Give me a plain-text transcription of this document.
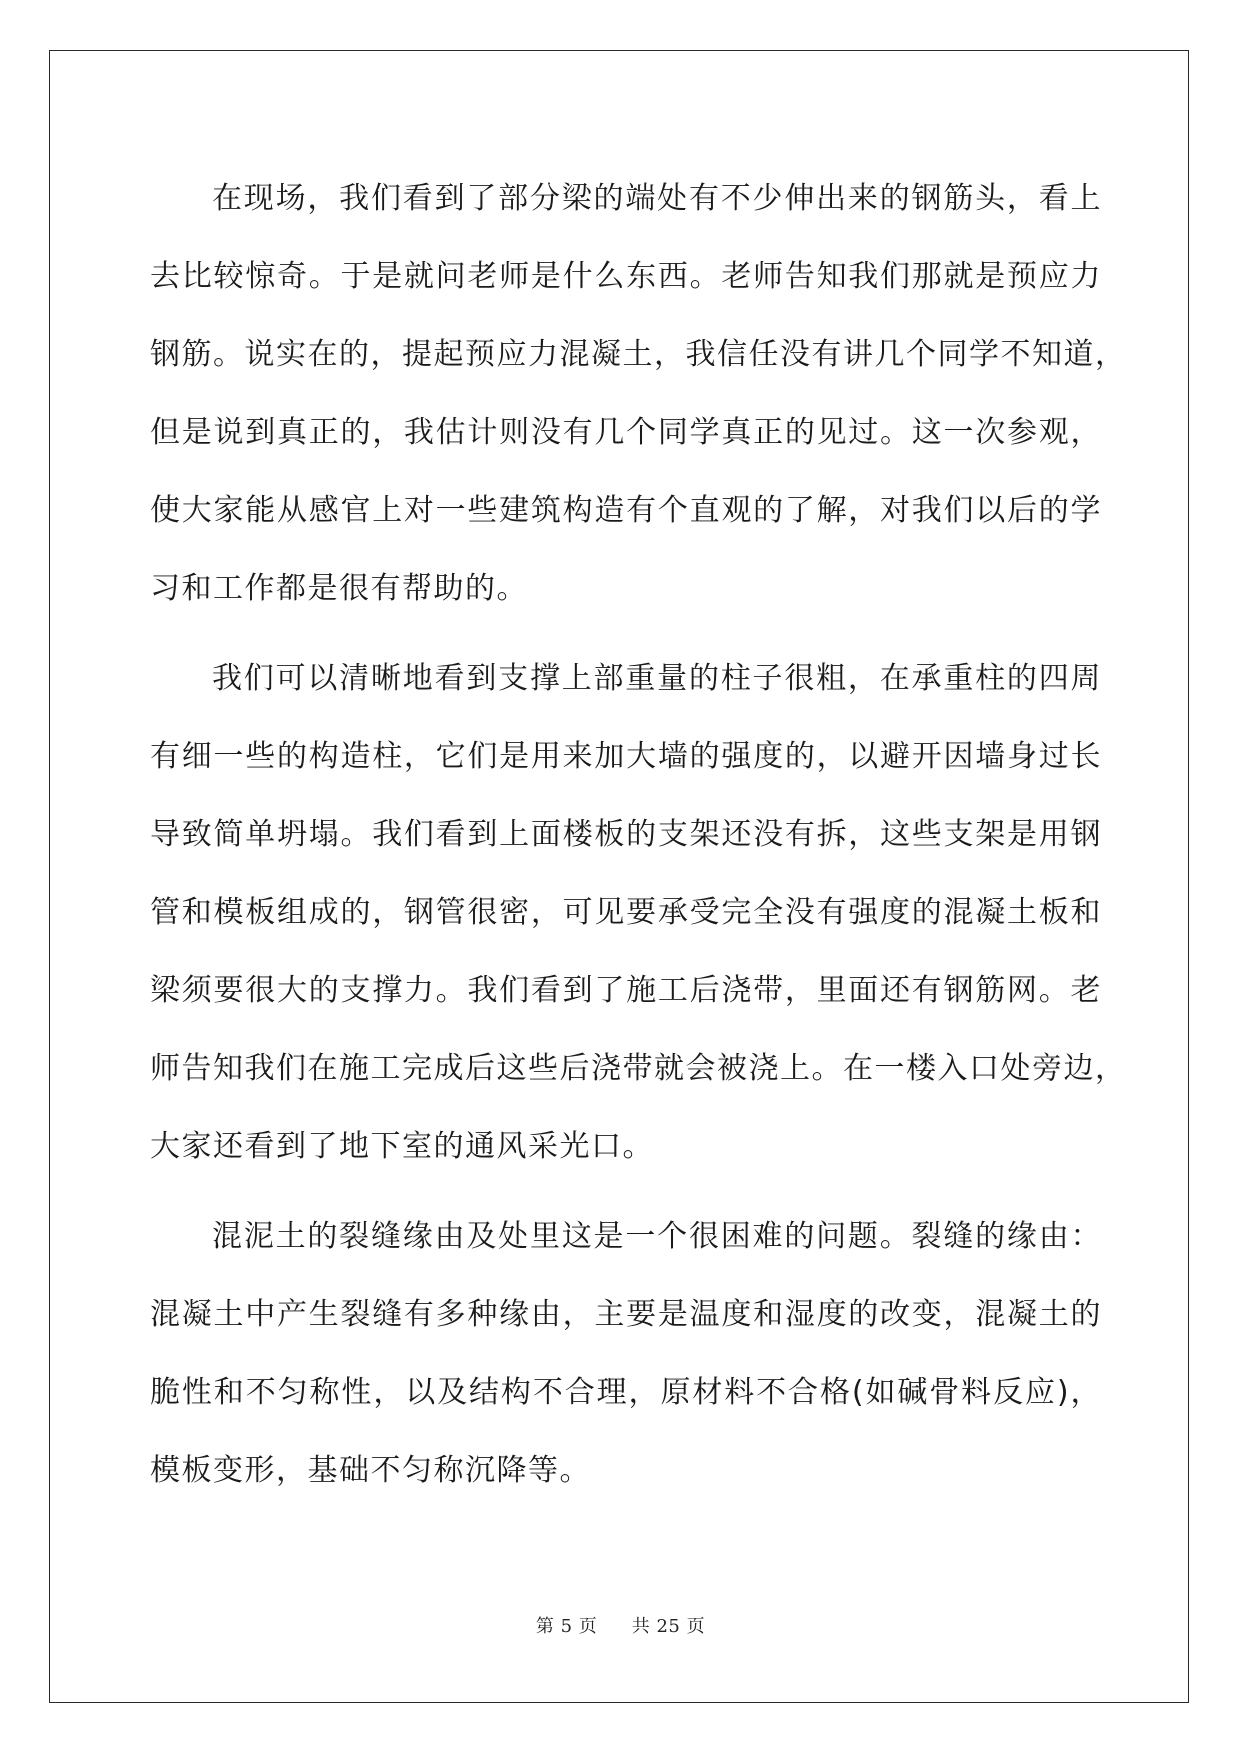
在现场，我们看到了部分梁的端处有不少伸出来的钢筋头，看上
去比较惊奇。于是就问老师是什么东西。老师告知我们那就是预应力
钢筋。说实在的，提起预应力混凝土，我信任没有讲几个同学不知道，
但是说到真正的，我估计则没有几个同学真正的见过。这一次参观，
使大家能从感官上对一些建筑构造有个直观的了解，对我们以后的学
习和工作都是很有帮助的。
我们可以清晰地看到支撑上部重量的柱子很粗，在承重柱的四周
有细一些的构造柱，它们是用来加大墙的强度的，以避开因墙身过长
导致简单坍塌。我们看到上面楼板的支架还没有拆，这些支架是用钢
管和模板组成的，钢管很密，可见要承受完全没有强度的混凝土板和
梁须要很大的支撑力。我们看到了施工后浇带，里面还有钢筋网。老
师告知我们在施工完成后这些后浇带就会被浇上。在一楼入口处旁边，
大家还看到了地下室的通风采光口。
混泥土的裂缝缘由及处里这是一个很困难的问题。裂缝的缘由：
混凝土中产生裂缝有多种缘由，主要是温度和湿度的改变，混凝土的
脆性和不匀称性，以及结构不合理，原材料不合格(如碱骨料反应)，
模板变形，基础不匀称沉降等。
第 5 页 共 25 页
